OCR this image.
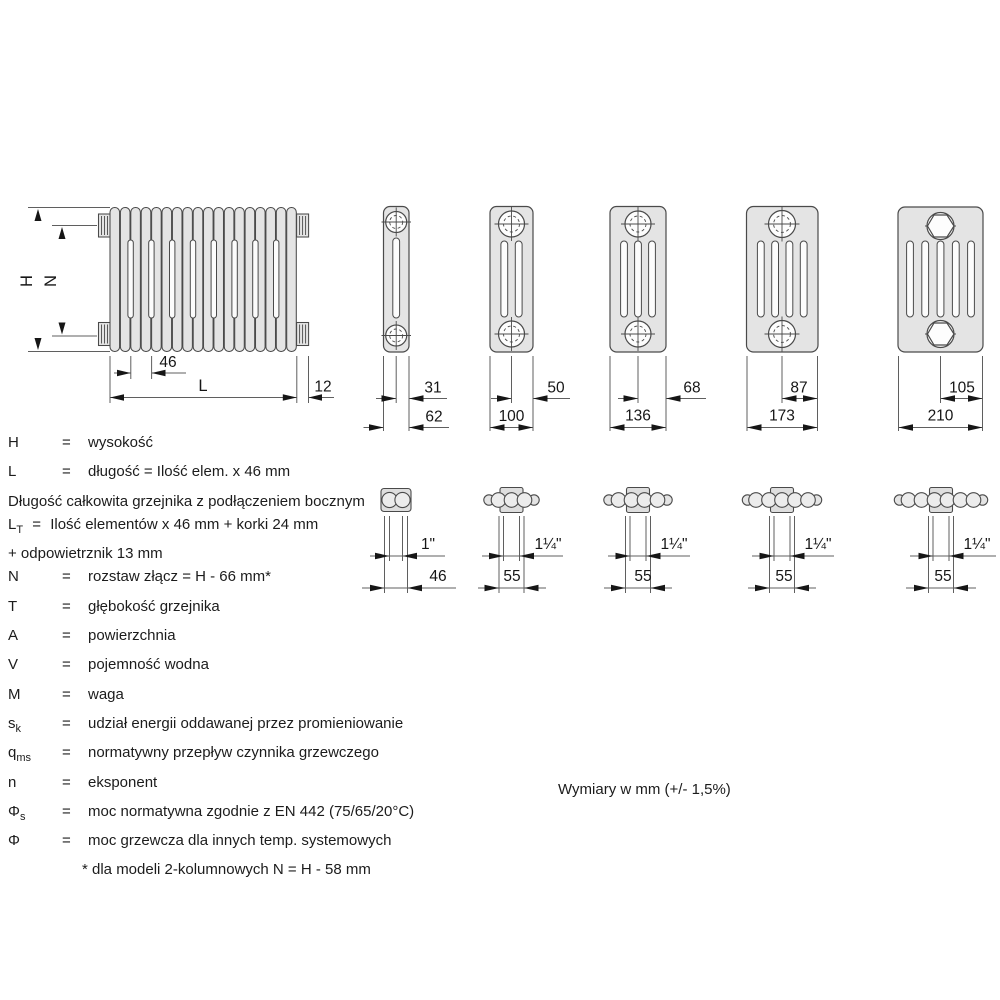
H N
46
L	12	31
62
50
100
68
136
87
173
105
210
1"
46
1¼"
55
1¼"
55
1¼"
55
1¼"
55
H	=	wysokość
L	=	długość = Ilość elem. x 46 mm
Długość całkowita grzejnika z podłączeniem bocznym
$L_T$ = Ilość elementów x 46 mm + korki 24 mm
+ odpowietrznik 13 mm
N	=	rozstaw złącz = H - 66 mm*
T	=	głębokość grzejnika
A	=	powierzchnia
V	=	pojemność wodna
M	=	waga
$s_k$	=	udział energii oddawanej przez promieniowanie
$q_{ms}$	=	normatywny przepływ czynnika grzewczego
n	=	eksponent
$\Phi_s$	=	moc normatywna zgodnie z EN 442 (75/65/20°C)
Φ	=	moc grzewcza dla innych temp. systemowych
* dla modeli 2-kolumnowych N = H - 58 mm
Wymiary w mm (+/- 1,5%)
